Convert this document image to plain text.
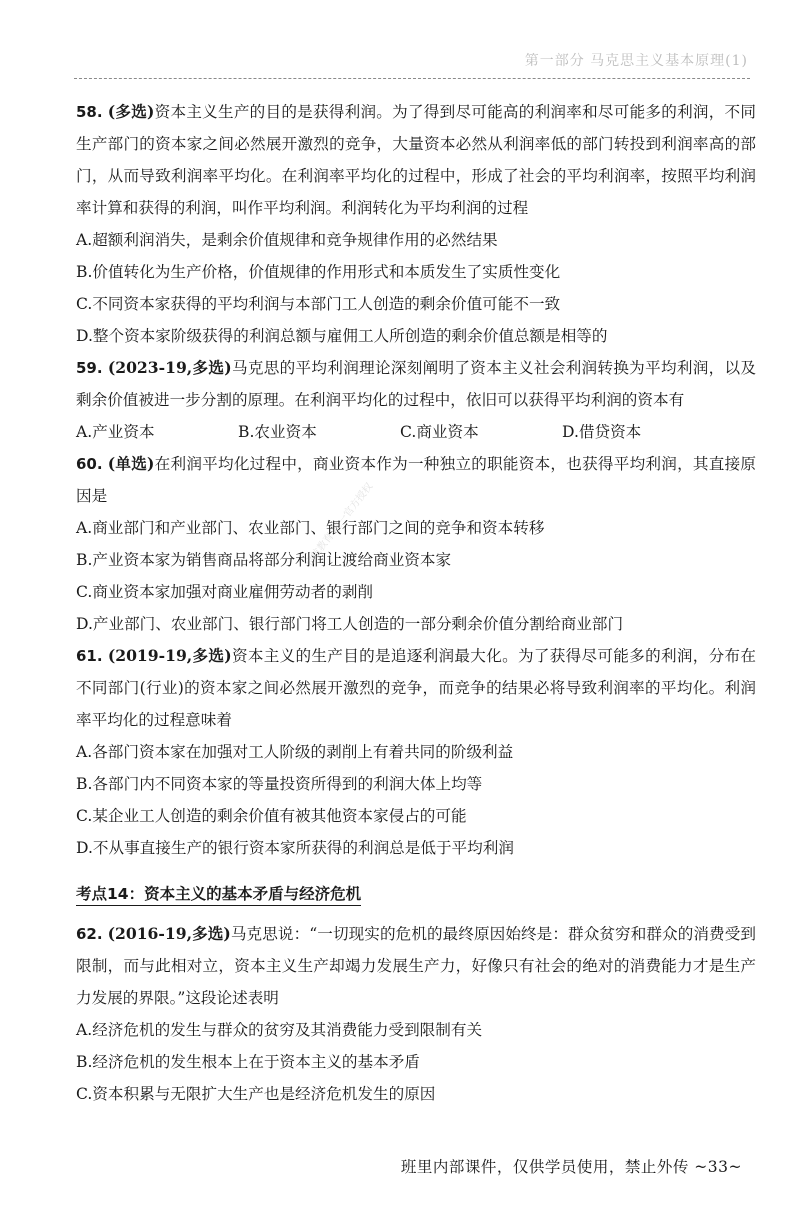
第一部分 马克思主义基本原理(1)
启航教育 唯一官方授权

58. (多选)资本主义生产的目的是获得利润。为了得到尽可能高的利润率和尽可能多的利润，不同生产部门的资本家之间必然展开激烈的竞争，大量资本必然从利润率低的部门转投到利润率高的部门，从而导致利润率平均化。在利润率平均化的过程中，形成了社会的平均利润率，按照平均利润率计算和获得的利润，叫作平均利润。利润转化为平均利润的过程

A.超额利润消失，是剩余价值规律和竞争规律作用的必然结果

B.价值转化为生产价格，价值规律的作用形式和本质发生了实质性变化

C.不同资本家获得的平均利润与本部门工人创造的剩余价值可能不一致

D.整个资本家阶级获得的利润总额与雇佣工人所创造的剩余价值总额是相等的

59. (2023-19,多选)马克思的平均利润理论深刻阐明了资本主义社会利润转换为平均利润，以及剩余价值被进一步分割的原理。在利润平均化的过程中，依旧可以获得平均利润的资本有

A.产业资本	B.农业资本	C.商业资本	D.借贷资本

60. (单选)在利润平均化过程中，商业资本作为一种独立的职能资本，也获得平均利润，其直接原因是

A.商业部门和产业部门、农业部门、银行部门之间的竞争和资本转移

B.产业资本家为销售商品将部分利润让渡给商业资本家

C.商业资本家加强对商业雇佣劳动者的剥削

D.产业部门、农业部门、银行部门将工人创造的一部分剩余价值分割给商业部门

61. (2019-19,多选)资本主义的生产目的是追逐利润最大化。为了获得尽可能多的利润，分布在不同部门(行业)的资本家之间必然展开激烈的竞争，而竞争的结果必将导致利润率的平均化。利润率平均化的过程意味着

A.各部门资本家在加强对工人阶级的剥削上有着共同的阶级利益

B.各部门内不同资本家的等量投资所得到的利润大体上均等

C.某企业工人创造的剩余价值有被其他资本家侵占的可能

D.不从事直接生产的银行资本家所获得的利润总是低于平均利润

考点14：资本主义的基本矛盾与经济危机

62. (2016-19,多选)马克思说：“一切现实的危机的最终原因始终是：群众贫穷和群众的消费受到限制，而与此相对立，资本主义生产却竭力发展生产力，好像只有社会的绝对的消费能力才是生产力发展的界限。”这段论述表明

A.经济危机的发生与群众的贫穷及其消费能力受到限制有关

B.经济危机的发生根本上在于资本主义的基本矛盾

C.资本积累与无限扩大生产也是经济危机发生的原因

班里内部课件，仅供学员使用，禁止外传 ~33~
